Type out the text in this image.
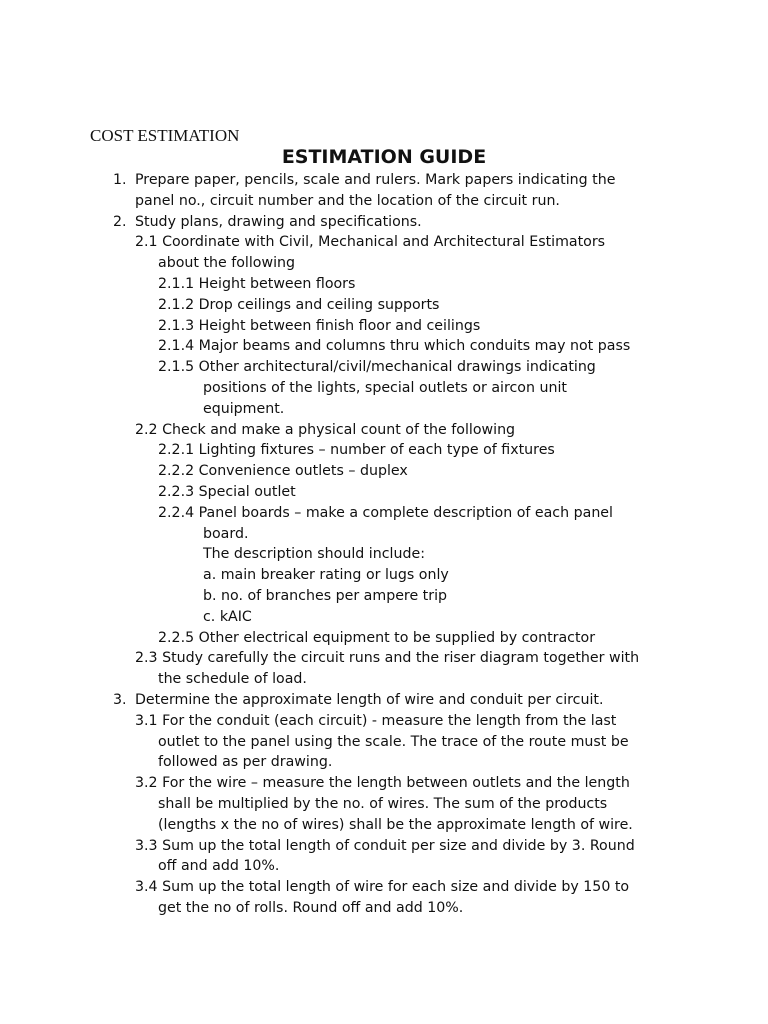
COST ESTIMATION
ESTIMATION GUIDE
1. Prepare paper, pencils, scale and rulers. Mark papers indicating the
panel no., circuit number and the location of the circuit run.
2. Study plans, drawing and specifications.
2.1 Coordinate with Civil, Mechanical and Architectural Estimators
about the following
2.1.1 Height between floors
2.1.2 Drop ceilings and ceiling supports
2.1.3 Height between finish floor and ceilings
2.1.4 Major beams and columns thru which conduits may not pass
2.1.5 Other architectural/civil/mechanical drawings indicating
positions of the lights, special outlets or aircon unit
equipment.
2.2 Check and make a physical count of the following
2.2.1 Lighting fixtures – number of each type of fixtures
2.2.2 Convenience outlets – duplex
2.2.3 Special outlet
2.2.4 Panel boards – make a complete description of each panel
board.
The description should include:
a. main breaker rating or lugs only
b. no. of branches per ampere trip
c. kAIC
2.2.5 Other electrical equipment to be supplied by contractor
2.3 Study carefully the circuit runs and the riser diagram together with
the schedule of load.
3. Determine the approximate length of wire and conduit per circuit.
3.1 For the conduit (each circuit) - measure the length from the last
outlet to the panel using the scale. The trace of the route must be
followed as per drawing.
3.2 For the wire – measure the length between outlets and the length
shall be multiplied by the no. of wires. The sum of the products
(lengths x the no of wires) shall be the approximate length of wire.
3.3 Sum up the total length of conduit per size and divide by 3. Round
off and add 10%.
3.4 Sum up the total length of wire for each size and divide by 150 to
get the no of rolls. Round off and add 10%.
